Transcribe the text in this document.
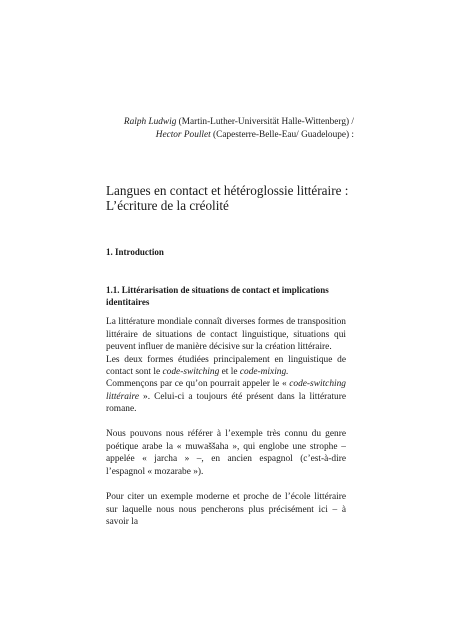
Ralph Ludwig (Martin-Luther-Universität Halle-Wittenberg) /
Hector Poullet (Capesterre-Belle-Eau/ Guadeloupe) :
Langues en contact et hétéroglossie littéraire :
L’écriture de la créolité
1. Introduction
1.1. Littérarisation de situations de contact et implications identitaires
La littérature mondiale connaît diverses formes de transposition littéraire de situations de contact linguistique, situations qui peuvent influer de manière décisive sur la création littéraire.
Les deux formes étudiées principalement en linguistique de contact sont le code-switching et le code-mixing.
Commençons par ce qu’on pourrait appeler le « code-switching littéraire ». Celui-ci a toujours été présent dans la littérature romane.
Nous pouvons nous référer à l’exemple très connu du genre poétique arabe la « muwaššaha », qui englobe une strophe – appelée « jarcha » –, en ancien espagnol (c’est-à-dire l’espagnol « mozarabe »).
Pour citer un exemple moderne et proche de l’école littéraire sur laquelle nous nous pencherons plus précisément ici – à savoir la
